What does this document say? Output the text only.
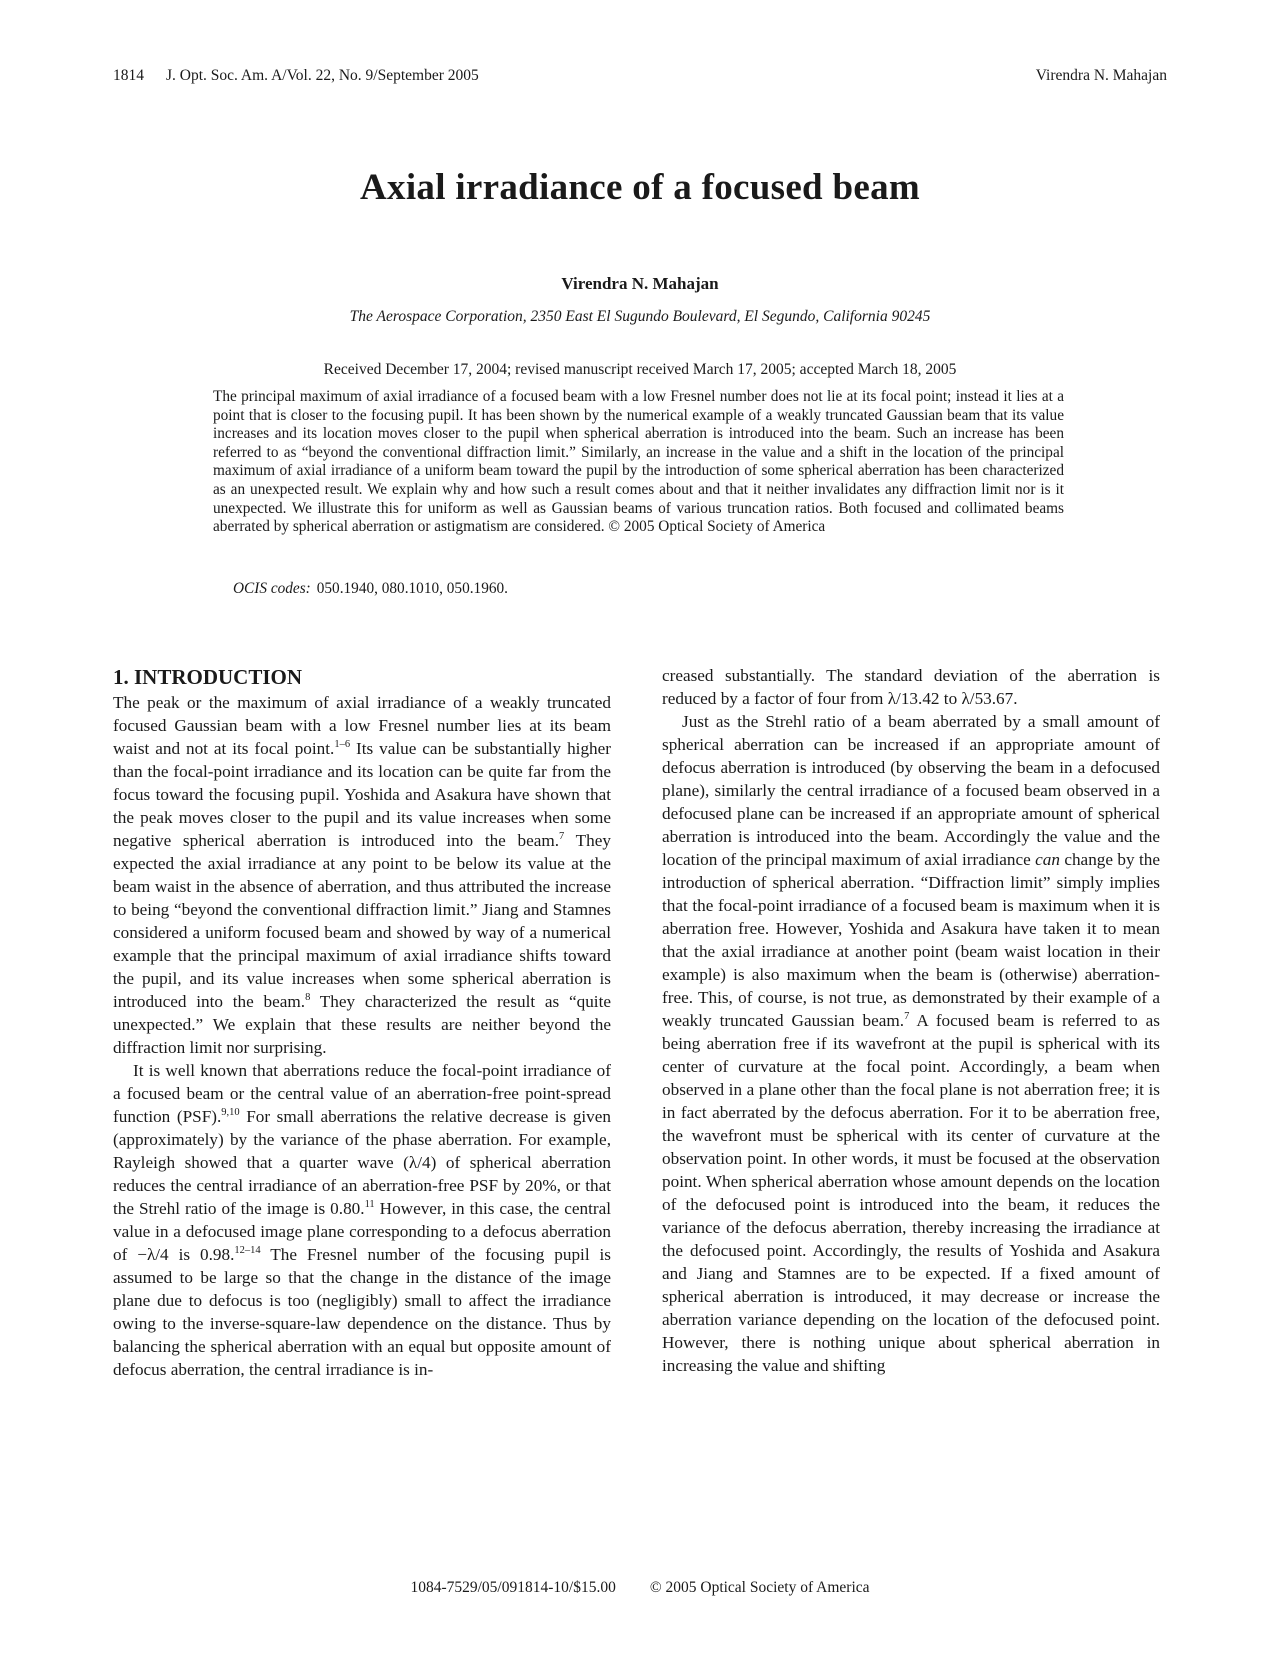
1814 J. Opt. Soc. Am. A/Vol. 22, No. 9/September 2005	Virendra N. Mahajan
Axial irradiance of a focused beam
Virendra N. Mahajan
The Aerospace Corporation, 2350 East El Sugundo Boulevard, El Segundo, California 90245
Received December 17, 2004; revised manuscript received March 17, 2005; accepted March 18, 2005

The principal maximum of axial irradiance of a focused beam with a low Fresnel number does not lie at its focal point; instead it lies at a point that is closer to the focusing pupil. It has been shown by the numerical example of a weakly truncated Gaussian beam that its value increases and its location moves closer to the pupil when spherical aberration is introduced into the beam. Such an increase has been referred to as “beyond the conventional diffraction limit.” Similarly, an increase in the value and a shift in the location of the principal maximum of axial irradiance of a uniform beam toward the pupil by the introduction of some spherical aberration has been characterized as an unexpected result. We explain why and how such a result comes about and that it neither invalidates any diffraction limit nor is it unexpected. We illustrate this for uniform as well as Gaussian beams of various truncation ratios. Both focused and collimated beams aberrated by spherical aberration or astigmatism are considered. © 2005 Optical Society of America

OCIS codes: 050.1940, 080.1010, 050.1960.
1. INTRODUCTION

The peak or the maximum of axial irradiance of a weakly truncated focused Gaussian beam with a low Fresnel number lies at its beam waist and not at its focal point.$^{1-6}$ Its value can be substantially higher than the focal-point irradiance and its location can be quite far from the focus toward the focusing pupil. Yoshida and Asakura have shown that the peak moves closer to the pupil and its value increases when some negative spherical aberration is introduced into the beam.$^7$ They expected the axial irradiance at any point to be below its value at the beam waist in the absence of aberration, and thus attributed the increase to being “beyond the conventional diffraction limit.” Jiang and Stamnes considered a uniform focused beam and showed by way of a numerical example that the principal maximum of axial irradiance shifts toward the pupil, and its value increases when some spherical aberration is introduced into the beam.$^8$ They characterized the result as “quite unexpected.” We explain that these results are neither beyond the diffraction limit nor surprising.

It is well known that aberrations reduce the focal-point irradiance of a focused beam or the central value of an aberration-free point-spread function (PSF).$^{9,10}$ For small aberrations the relative decrease is given (approximately) by the variance of the phase aberration. For example, Rayleigh showed that a quarter wave (λ/4) of spherical aberration reduces the central irradiance of an aberration-free PSF by 20%, or that the Strehl ratio of the image is 0.80.11 However, in this case, the central value in a defocused image plane corresponding to a defocus aberration of −λ/4 is 0.98.$^{12-14}$ The Fresnel number of the focusing pupil is assumed to be large so that the change in the distance of the image plane due to defocus is too (negligibly) small to affect the irradiance owing to the inverse-square-law dependence on the distance. Thus by balancing the spherical aberration with an equal but opposite amount of defocus aberration, the central irradiance is in-

creased substantially. The standard deviation of the aberration is reduced by a factor of four from λ/13.42 to λ/53.67.

Just as the Strehl ratio of a beam aberrated by a small amount of spherical aberration can be increased if an appropriate amount of defocus aberration is introduced (by observing the beam in a defocused plane), similarly the central irradiance of a focused beam observed in a defocused plane can be increased if an appropriate amount of spherical aberration is introduced into the beam. Accordingly the value and the location of the principal maximum of axial irradiance can change by the introduction of spherical aberration. “Diffraction limit” simply implies that the focal-point irradiance of a focused beam is maximum when it is aberration free. However, Yoshida and Asakura have taken it to mean that the axial irradiance at another point (beam waist location in their example) is also maximum when the beam is (otherwise) aberration-free. This, of course, is not true, as demonstrated by their example of a weakly truncated Gaussian beam.$^7$ A focused beam is referred to as being aberration free if its wavefront at the pupil is spherical with its center of curvature at the focal point. Accordingly, a beam when observed in a plane other than the focal plane is not aberration free; it is in fact aberrated by the defocus aberration. For it to be aberration free, the wavefront must be spherical with its center of curvature at the observation point. In other words, it must be focused at the observation point. When spherical aberration whose amount depends on the location of the defocused point is introduced into the beam, it reduces the variance of the defocus aberration, thereby increasing the irradiance at the defocused point. Accordingly, the results of Yoshida and Asakura and Jiang and Stamnes are to be expected. If a fixed amount of spherical aberration is introduced, it may decrease or increase the aberration variance depending on the location of the defocused point. However, there is nothing unique about spherical aberration in increasing the value and shifting

1084-7529/05/091814-10/$15.00 © 2005 Optical Society of America
